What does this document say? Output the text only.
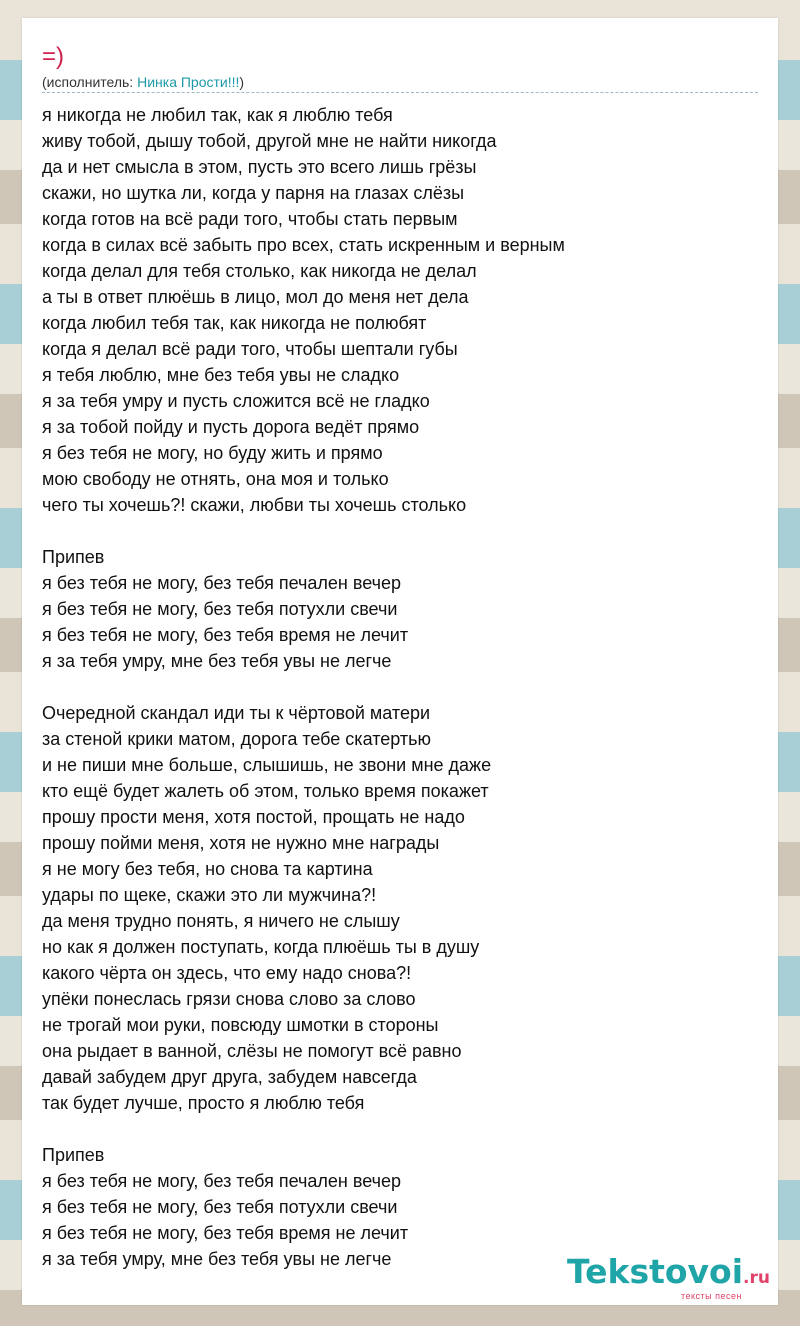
=)
(исполнитель: Нинка Прости!!!)
я никогда не любил так, как я люблю тебя
живу тобой, дышу тобой, другой мне не найти никогда
да и нет смысла в этом, пусть это всего лишь грёзы
скажи, но шутка ли, когда у парня на глазах слёзы
когда готов на всё ради того, чтобы стать первым
когда в силах всё забыть про всех, стать искренным и верным
когда делал для тебя столько, как никогда не делал
а ты в ответ плюёшь в лицо, мол до меня нет дела
когда любил тебя так, как никогда не полюбят
когда я делал всё ради того, чтобы шептали губы
я тебя люблю, мне без тебя увы не сладко
я за тебя умру и пусть сложится всё не гладко
я за тобой пойду и пусть дорога ведёт прямо
я без тебя не могу, но буду жить и прямо
мою свободу не отнять, она моя и только
чего ты хочешь?! скажи, любви ты хочешь столько
Припев
я без тебя не могу, без тебя печален вечер
я без тебя не могу, без тебя потухли свечи
я без тебя не могу, без тебя время не лечит
я за тебя умру, мне без тебя увы не легче
Очередной скандал иди ты к чёртовой матери
за стеной крики матом, дорога тебе скатертью
и не пиши мне больше, слышишь, не звони мне даже
кто ещё будет жалеть об этом, только время покажет
прошу прости меня, хотя постой, прощать не надо
прошу пойми меня, хотя не нужно мне награды
я не могу без тебя, но снова та картина
удары по щеке, скажи это ли мужчина?!
да меня трудно понять, я ничего не слышу
но как я должен поступать, когда плюёшь ты в душу
какого чёрта он здесь, что ему надо снова?!
упёки понеслась грязи снова слово за слово
не трогай мои руки, повсюду шмотки в стороны
она рыдает в ванной, слёзы не помогут всё равно
давай забудем друг друга, забудем навсегда
так будет лучше, просто я люблю тебя
Припев
я без тебя не могу, без тебя печален вечер
я без тебя не могу, без тебя потухли свечи
я без тебя не могу, без тебя время не лечит
я за тебя умру, мне без тебя увы не легче	Tekstovoi.ru
тексты песен
